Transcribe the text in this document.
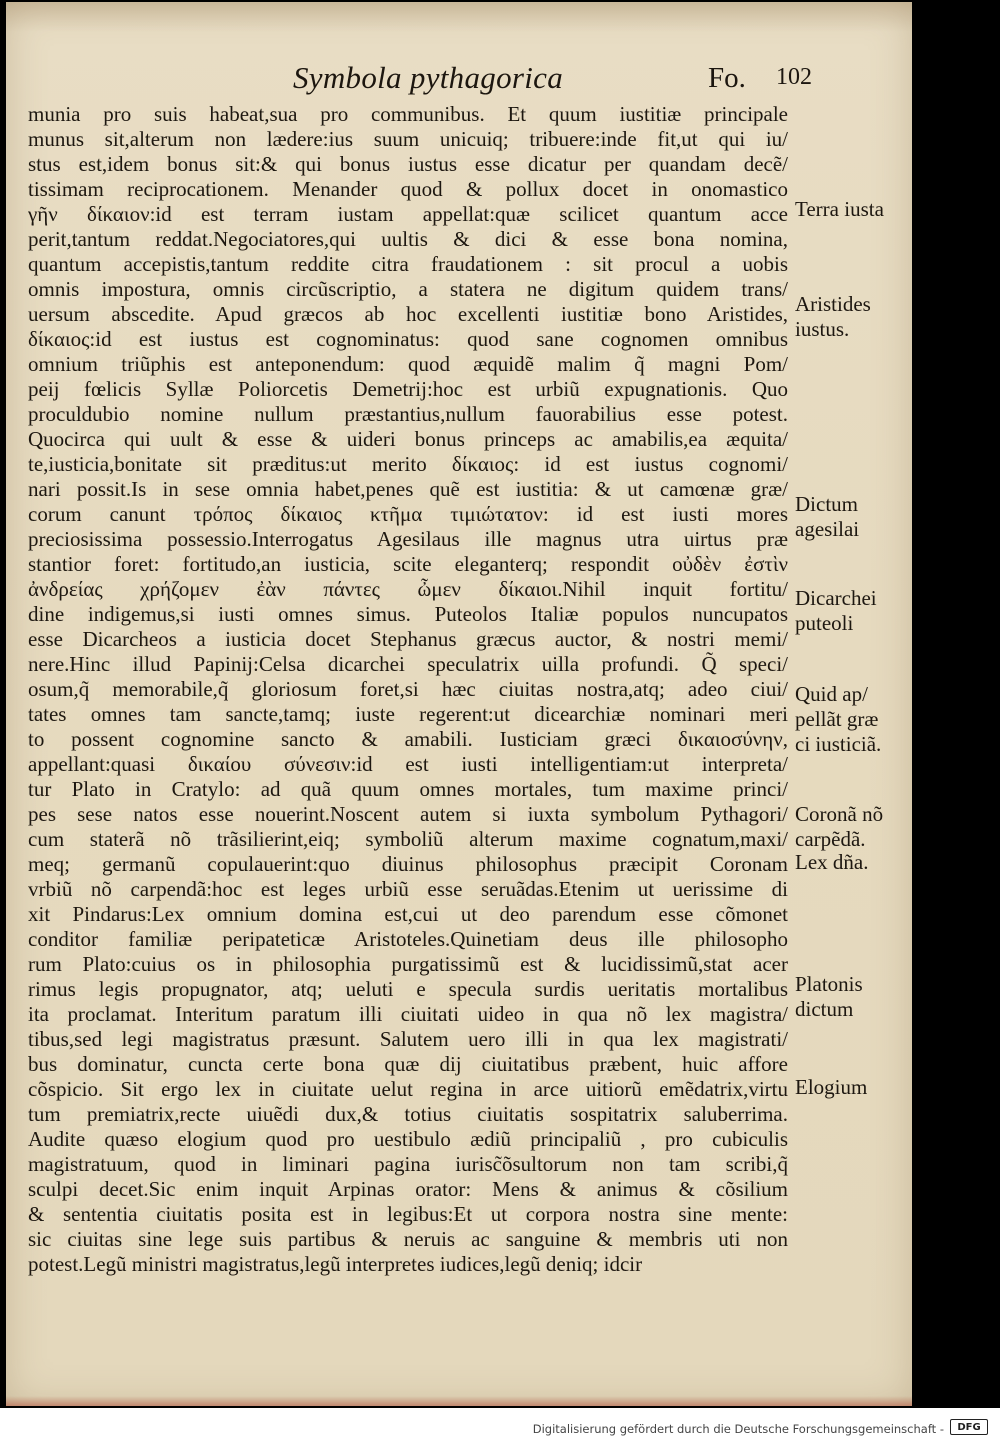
Symbola pythagorica	Fo. 102
munia pro suis habeat,sua pro communibus. Et quum iustitiæ principale
munus sit,alterum non lædere:ius suum unicuiq; tribuere:inde fit,ut qui iu/
stus est,idem bonus sit:& qui bonus iustus esse dicatur per quandam decẽ/
tissimam reciprocationem. Menander quod & pollux docet in onomastico
γῆν δίκαιον:id est terram iustam appellat:quæ scilicet quantum acce
perit,tantum reddat.Negociatores,qui uultis & dici & esse bona nomina,
quantum accepistis,tantum reddite citra fraudationem : sit procul a uobis
omnis impostura, omnis circũscriptio, a statera ne digitum quidem trans/
uersum abscedite. Apud græcos ab hoc excellenti iustitiæ bono Aristides,
δίκαιος:id est iustus est cognominatus: quod sane cognomen omnibus
omnium triũphis est anteponendum: quod æquidẽ malim q̃ magni Pom/
peij fœlicis Syllæ Poliorcetis Demetrij:hoc est urbiũ expugnationis. Quo
proculdubio nomine nullum præstantius,nullum fauorabilius esse potest.
Quocirca qui uult & esse & uideri bonus princeps ac amabilis,ea æquita/
te,iusticia,bonitate sit præditus:ut merito δίκαιος: id est iustus cognomi/
nari possit.Is in sese omnia habet,penes quẽ est iustitia: & ut camœnæ græ/
corum canunt τρόπος δίκαιος κτῆμα τιμιώτατον: id est iusti mores
preciosissima possessio.Interrogatus Agesilaus ille magnus utra uirtus præ
stantior foret: fortitudo,an iusticia, scite eleganterq; respondit οὐδὲν ἐστὶν
ἀνδρείας χρήζομεν ἐὰν πάντες ὦμεν δίκαιοι.Nihil inquit fortitu/
dine indigemus,si iusti omnes simus. Puteolos Italiæ populos nuncupatos
esse Dicarcheos a iusticia docet Stephanus græcus auctor, & nostri memi/
nere.Hinc illud Papinij:Celsa dicarchei speculatrix uilla profundi. Q̃ speci/
osum,q̃ memorabile,q̃ gloriosum foret,si hæc ciuitas nostra,atq; adeo ciui/
tates omnes tam sancte,tamq; iuste regerent:ut dicearchiæ nominari meri
to possent cognomine sancto & amabili. Iusticiam græci δικαιοσύνην,
appellant:quasi δικαίου σύνεσιν:id est iusti intelligentiam:ut interpreta/
tur Plato in Cratylo: ad quã quum omnes mortales, tum maxime princi/
pes sese natos esse nouerint.Noscent autem si iuxta symbolum Pythagori/
cum staterã nõ trãsilierint,eiq; symboliũ alterum maxime cognatum,maxi/
meq; germanũ copulauerint:quo diuinus philosophus præcipit Coronam
vrbiũ nõ carpendã:hoc est leges urbiũ esse seruãdas.Etenim ut uerissime di
xit Pindarus:Lex omnium domina est,cui ut deo parendum esse cõmonet
conditor familiæ peripateticæ Aristoteles.Quinetiam deus ille philosopho
rum Plato:cuius os in philosophia purgatissimũ est & lucidissimũ,stat acer
rimus legis propugnator, atq; ueluti e specula surdis ueritatis mortalibus
ita proclamat. Interitum paratum illi ciuitati uideo in qua nõ lex magistra/
tibus,sed legi magistratus præsunt. Salutem uero illi in qua lex magistrati/
bus dominatur, cuncta certe bona quæ dij ciuitatibus præbent, huic affore
cõspicio. Sit ergo lex in ciuitate uelut regina in arce uitiorũ emẽdatrix,virtu
tum premiatrix,recte uiuẽdi dux,& totius ciuitatis sospitatrix saluberrima.
Audite quæso elogium quod pro uestibulo ædiũ principaliũ , pro cubiculis
magistratuum, quod in liminari pagina iurisc̃õsultorum non tam scribi,q̃
sculpi decet.Sic enim inquit Arpinas orator: Mens & animus & cõsilium
& sententia ciuitatis posita est in legibus:Et ut corpora nostra sine mente:
sic ciuitas sine lege suis partibus & neruis ac sanguine & membris uti non
potest.Legũ ministri magistratus,legũ interpretes iudices,legũ deniq; idcir
Terra iusta
Aristides iustus.
Dictum agesilai
Dicarchei puteoli
Quid ap/ pellãt græ ci iusticiã.
Coronã nõ carpẽdã.
Lex dña.
Platonis dictum
Elogium
Digitalisierung gefördert durch die Deutsche Forschungsgemeinschaft -	DFG
